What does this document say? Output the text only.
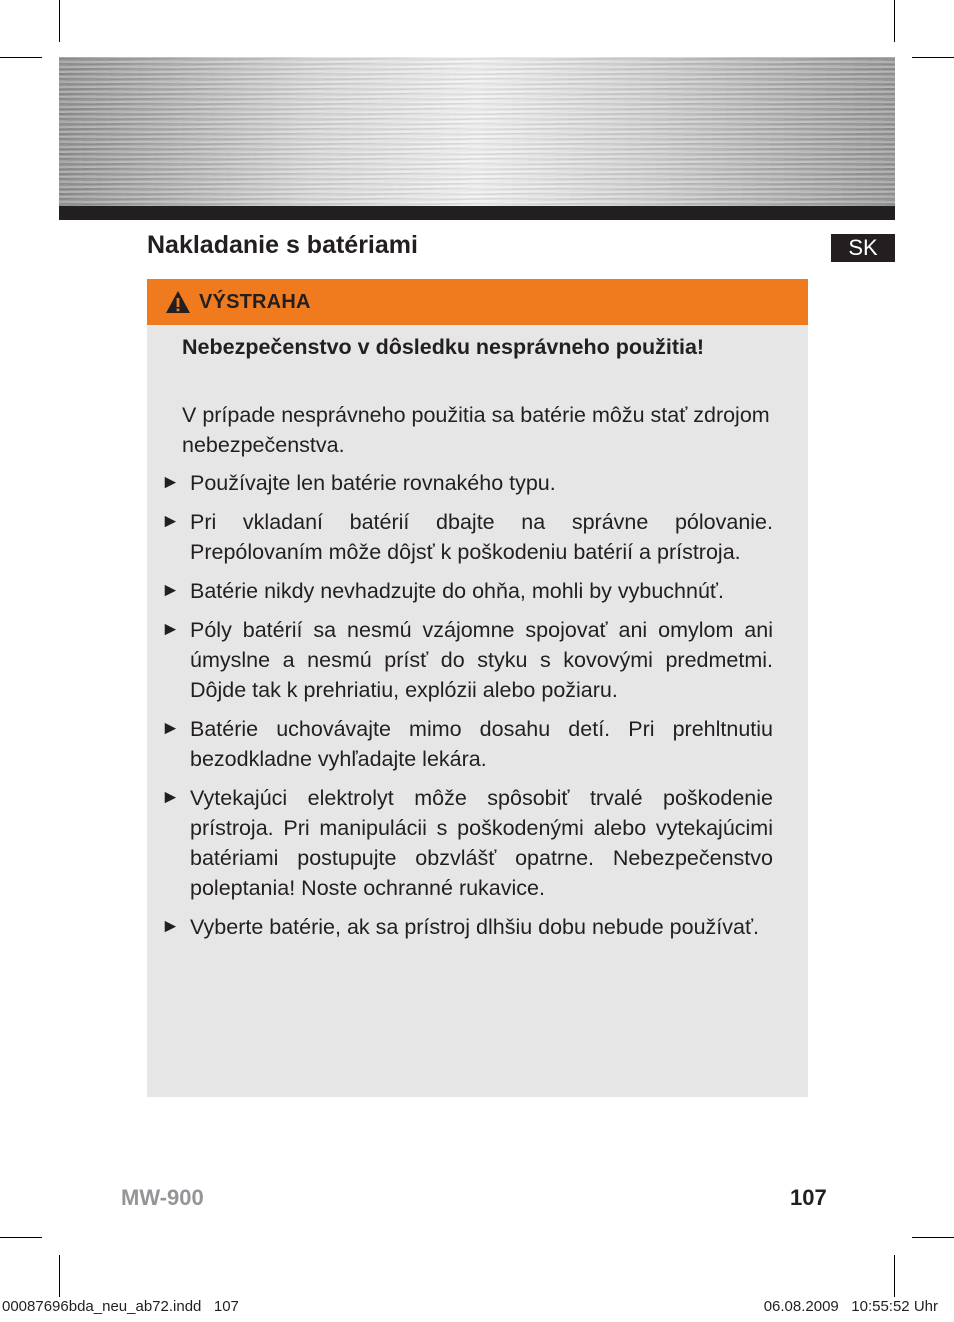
Nakladanie s batériami	SK
VÝSTRAHA

Nebezpečenstvo v dôsledku nesprávneho použitia!

V prípade nesprávneho použitia sa batérie môžu stať zdrojom nebezpečenstva.

► Používajte len batérie rovnakého typu.
► Pri vkladaní batérií dbajte na správne pólovanie. Prepólovaním môže dôjsť k poškodeniu batérií a prístroja.
► Batérie nikdy nevhadzujte do ohňa, mohli by vybuchnúť.
► Póly batérií sa nesmú vzájomne spojovať ani omylom ani úmyslne a nesmú prísť do styku s kovovými predmetmi. Dôjde tak k prehriatiu, explózii alebo požiaru.
► Batérie uchovávajte mimo dosahu detí. Pri prehltnutiu bezodkladne vyhľadajte lekára.
► Vytekajúci elektrolyt môže spôsobiť trvalé poškodenie prístroja. Pri manipulácii s poškodenými alebo vytekajúcimi batériami postupujte obzvlášť opatrne. Nebezpečenstvo poleptania! Noste ochranné rukavice.
► Vyberte batérie, ak sa prístroj dlhšiu dobu nebude používať.
MW-900	107
00087696bda_neu_ab72.indd   107	06.08.2009   10:55:52 Uhr
